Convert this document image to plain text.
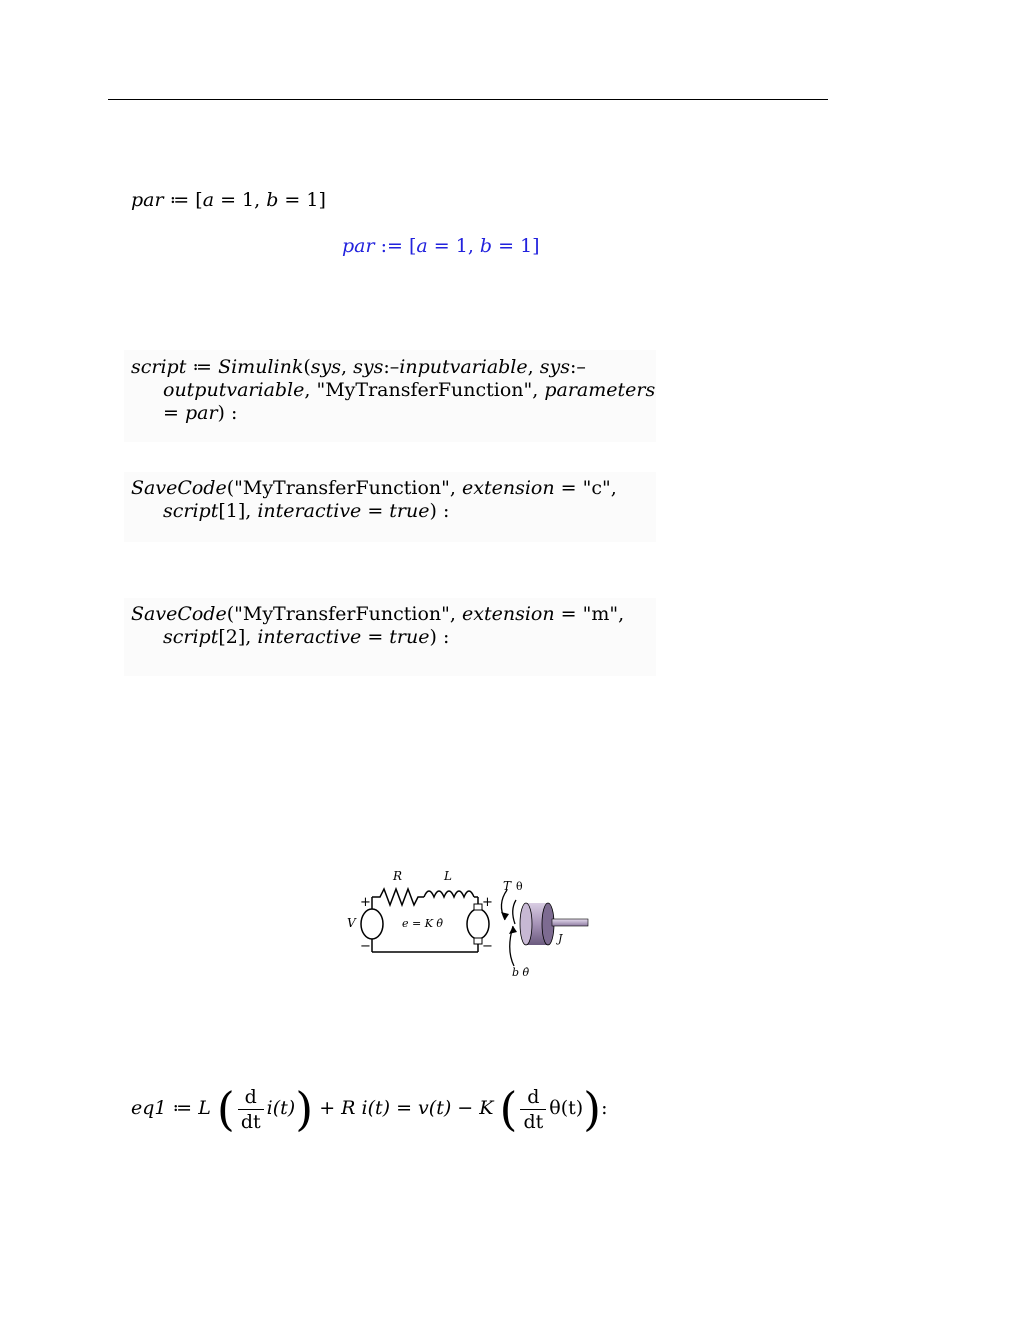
par ≔ [a = 1, b = 1]
par := [a = 1, b = 1]
script ≔ Simulink(sys, sys:–inputvariable, sys:–
outputvariable, "MyTransferFunction", parameters
= par) :
SaveCode("MyTransferFunction", extension = "c",
script[1], interactive = true) :
SaveCode("MyTransferFunction", extension = "m",
script[2], interactive = true) :
R	L
T θ
V
+
−
+
−
e = K θ̇
J
b θ̇
eq1 ≔ L ( $\frac{d}{dt} i(t)) + R$ i(t) = v(t) − K ( $\frac{d}{dt} \theta(t)$):
